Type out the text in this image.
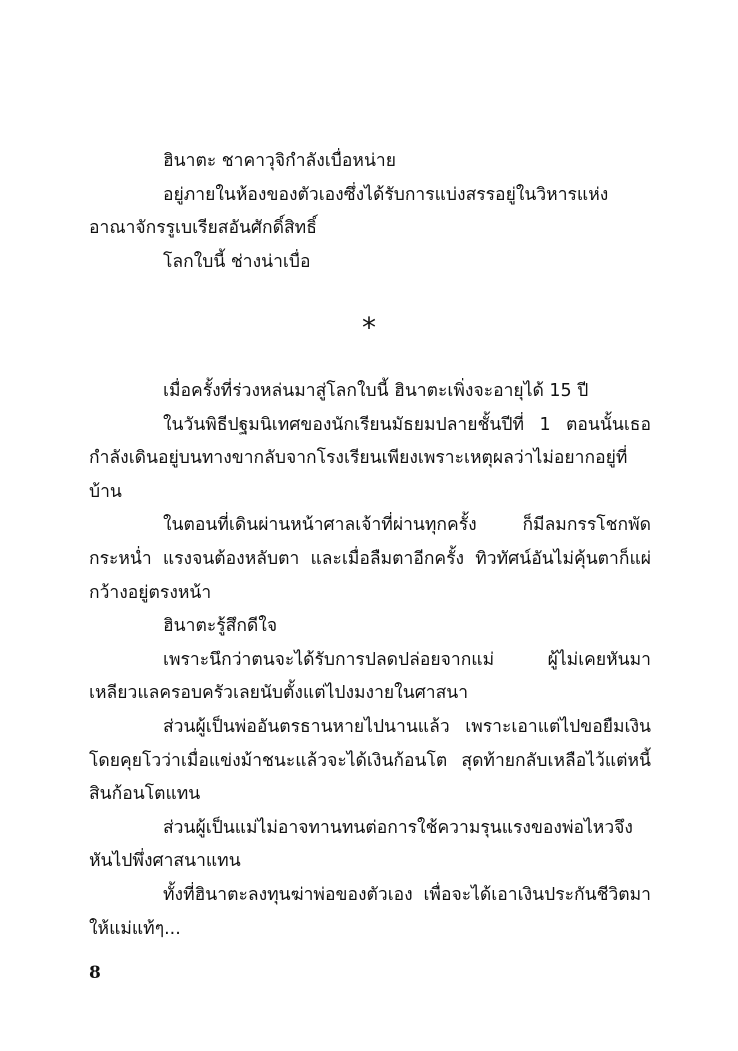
ฮินาตะ ชาคาวุจิกำลังเบื่อหน่าย

อยู่ภายในห้องของตัวเองซึ่งได้รับการแบ่งสรรอยู่ในวิหารแห่งอาณาจักรรูเบเรียสอันศักดิ์สิทธิ์

โลกใบนี้ ช่างน่าเบื่อ

*

เมื่อครั้งที่ร่วงหล่นมาสู่โลกใบนี้ ฮินาตะเพิ่งจะอายุได้ 15 ปี

ในวันพิธีปฐมนิเทศของนักเรียนมัธยมปลายชั้นปีที่ 1 ตอนนั้นเธอกำลังเดินอยู่บนทางขากลับจากโรงเรียนเพียงเพราะเหตุผลว่าไม่อยากอยู่ที่บ้าน

ในตอนที่เดินผ่านหน้าศาลเจ้าที่ผ่านทุกครั้ง ก็มีลมกรรโชกพัดกระหน่ำ แรงจนต้องหลับตา และเมื่อลืมตาอีกครั้ง ทิวทัศน์อันไม่คุ้นตาก็แผ่กว้างอยู่ตรงหน้า

ฮินาตะรู้สึกดีใจ

เพราะนึกว่าตนจะได้รับการปลดปล่อยจากแม่ ผู้ไม่เคยหันมาเหลียวแลครอบครัวเลยนับตั้งแต่ไปงมงายในศาสนา

ส่วนผู้เป็นพ่ออันตรธานหายไปนานแล้ว เพราะเอาแต่ไปขอยืมเงินโดยคุยโวว่าเมื่อแข่งม้าชนะแล้วจะได้เงินก้อนโต สุดท้ายกลับเหลือไว้แต่หนี้สินก้อนโตแทน

ส่วนผู้เป็นแม่ไม่อาจทานทนต่อการใช้ความรุนแรงของพ่อไหวจึงหันไปพึ่งศาสนาแทน

ทั้งที่ฮินาตะลงทุนฆ่าพ่อของตัวเอง เพื่อจะได้เอาเงินประกันชีวิตมาให้แม่แท้ๆ...

8
